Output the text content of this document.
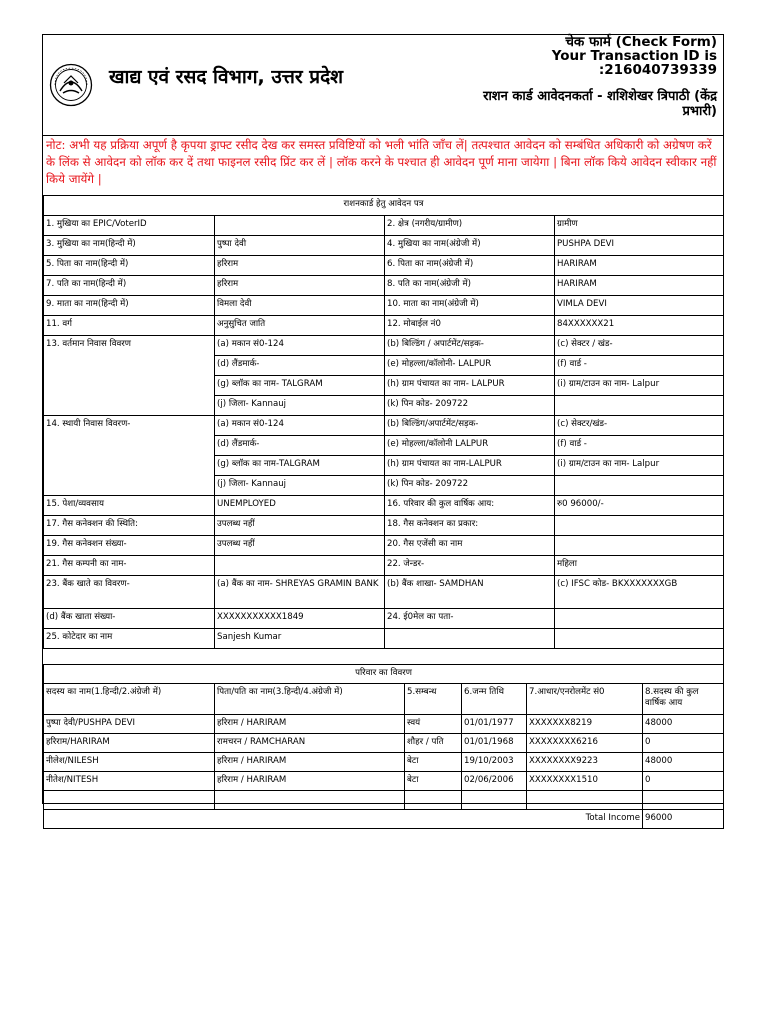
खाद्य एवं रसद विभाग, उत्तर प्रदेश
चेक फार्म (Check Form)
Your Transaction ID is
:216040739339
राशन कार्ड आवेदनकर्ता - शशिशेखर त्रिपाठी (केंद्र प्रभारी)
नोट: अभी यह प्रक्रिया अपूर्ण है कृपया ड्राफ्ट रसीद देख कर समस्त प्रविष्टियों को भली भांति जाँच लें| तत्पश्चात आवेदन को सम्बंधित अधिकारी को अग्रेषण करें के लिंक से आवेदन को लॉक कर दें तथा फाइनल रसीद प्रिंट कर लें | लॉक करने के पश्चात ही आवेदन पूर्ण माना जायेगा | बिना लॉक किये आवेदन स्वीकार नहीं किये जायेंगे |
राशनकार्ड हेतु आवेदन पत्र			
1. मुखिया का EPIC/VoterID		2. क्षेत्र (नगरीय/ग्रामीण)	ग्रामीण
3. मुखिया का नाम(हिन्दी में)	पुष्पा देवी	4. मुखिया का नाम(अंग्रेजी में)	PUSHPA DEVI
5. पिता का नाम(हिन्दी में)	हरिराम	6. पिता का नाम(अंग्रेजी में)	HARIRAM
7. पति का नाम(हिन्दी में)	हरिराम	8. पति का नाम(अंग्रेजी में)	HARIRAM
9. माता का नाम(हिन्दी में)	विमला देवी	10. माता का नाम(अंग्रेजी में)	VIMLA DEVI
11. वर्ग	अनुसुचित जाति	12. मोबाईल नं0	84XXXXXX21
13. वर्तमान निवास विवरण	(a) मकान सं0-124	(b) बिल्डिंग / अपार्टमेंट/सड़क-	(c) सेक्टर / खंड-
	(d) लैंडमार्क-	(e) मोहल्ला/कॉलोनी- LALPUR	(f) वार्ड -
	(g) ब्लॉक का नाम- TALGRAM	(h) ग्राम पंचायत का नाम- LALPUR	(i) ग्राम/टाउन का नाम- Lalpur
	(j) जिला- Kannauj	(k) पिन कोड- 209722	
14. स्थायी निवास विवरण-	(a) मकान सं0-124	(b) बिल्डिंग/अपार्टमेंट/सड़क-	(c) सेक्टर/खंड-
	(d) लैंडमार्क-	(e) मोहल्ला/कॉलोनी LALPUR	(f) वार्ड -
	(g) ब्लॉक का नाम-TALGRAM	(h) ग्राम पंचायत का नाम-LALPUR	(i) ग्राम/टाउन का नाम- Lalpur
	(j) जिला- Kannauj	(k) पिन कोड- 209722	
15. पेशा/व्यवसाय	UNEMPLOYED	16. परिवार की कुल वार्षिक आय:	रु0 96000/-
17. गैस कनेक्शन की स्थिति:	उपलब्ध नहीं	18. गैस कनेक्शन का प्रकार:	
19. गैस कनेक्शन संख्या-	उपलब्ध नहीं	20. गैस एजेंसी का नाम	
21. गैस कम्पनी का नाम-		22. जेन्डर-	महिला
23. बैंक खाते का विवरण-	(a) बैंक का नाम- SHREYAS GRAMIN BANK	(b) बैंक शाखा- SAMDHAN	(c) IFSC कोड- BKXXXXXXXGB
(d) बैंक खाता संख्या-	XXXXXXXXXXX1849	24. ई0मेल का पता-	
25. कोटेदार का नाम	Sanjesh Kumar		
परिवार का विवरण					
सदस्य का नाम(1.हिन्दी/2.अंग्रेजी में)	पिता/पति का नाम(3.हिन्दी/4.अंग्रेजी में)	5.सम्बन्ध	6.जन्म तिथि	7.आधार/एनरोलमेंट सं0	8.सदस्य की कुल वार्षिक आय
पुष्पा देवी/PUSHPA DEVI	हरिराम / HARIRAM	स्वयं	01/01/1977	XXXXXXX8219	48000
हरिराम/HARIRAM	रामचरन / RAMCHARAN	शौहर / पति	01/01/1968	XXXXXXXX6216	0
नीलेश/NILESH	हरिराम / HARIRAM	बेटा	19/10/2003	XXXXXXXX9223	48000
नीतेश/NITESH	हरिराम / HARIRAM	बेटा	02/06/2006	XXXXXXXX1510	0

Total Income					96000
